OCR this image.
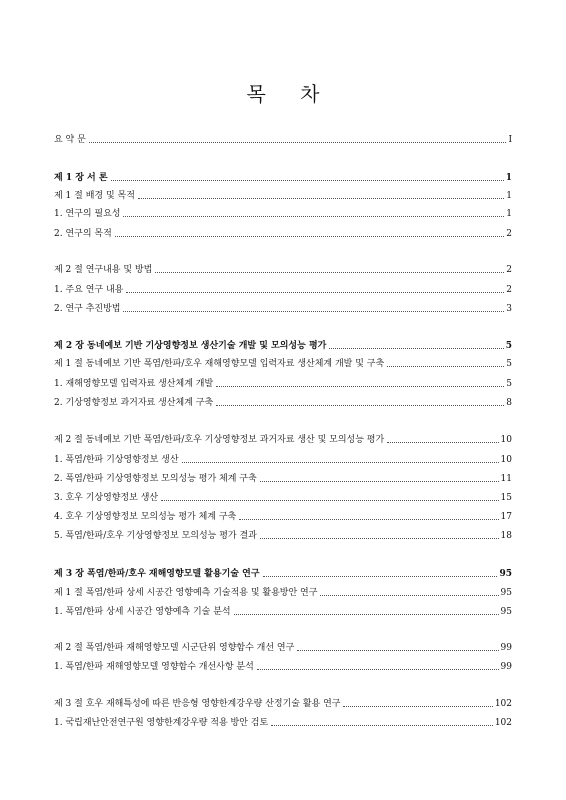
목 차
요 약 문	Ⅰ
제 1 장 서 론	1
제 1 절 배경 및 목적	1
1. 연구의 필요성	1
2. 연구의 목적	2
제 2 절 연구내용 및 방법	2
1. 주요 연구 내용	2
2. 연구 추진방법	3
제 2 장 동네예보 기반 기상영향정보 생산기술 개발 및 모의성능 평가	5
제 1 절 동네예보 기반 폭염/한파/호우 재해영향모델 입력자료 생산체계 개발 및 구축	5
1. 재해영향모델 입력자료 생산체계 개발	5
2. 기상영향정보 과거자료 생산체계 구축	8
제 2 절 동네예보 기반 폭염/한파/호우 기상영향정보 과거자료 생산 및 모의성능 평가	10
1. 폭염/한파 기상영향정보 생산	10
2. 폭염/한파 기상영향정보 모의성능 평가 체계 구축	11
3. 호우 기상영향정보 생산	15
4. 호우 기상영향정보 모의성능 평가 체계 구축	17
5. 폭염/한파/호우 기상영향정보 모의성능 평가 결과	18
제 3 장 폭염/한파/호우 재해영향모델 활용기술 연구	95
제 1 절 폭염/한파 상세 시공간 영향예측 기술적용 및 활용방안 연구	95
1. 폭염/한파 상세 시공간 영향예측 기술 분석	95
제 2 절 폭염/한파 재해영향모델 시군단위 영향함수 개선 연구	99
1. 폭염/한파 재해영향모델 영향함수 개선사항 분석	99
제 3 절 호우 재해특성에 따른 반응형 영향한계강우량 산정기술 활용 연구	102
1. 국립재난안전연구원 영향한계강우량 적용 방안 검토	102
